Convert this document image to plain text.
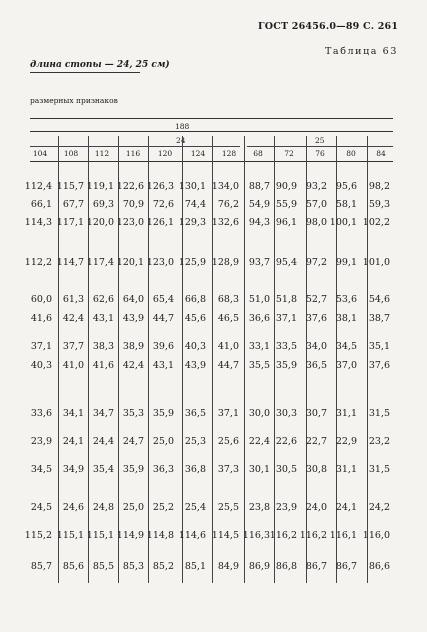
ГОСТ 26456.0—89 С. 261
Таблица 63
длина стопы — 24, 25 см)
размерных признаков
188
24	25
104	108	112	116	120	124	128	68	72	76	80	84
112,4 115,7 119,1 122,6 126,3 130,1 134,0	88,7 90,9 93,2 95,6	98,2
66,1	67,7 69,3 70,9 72,6	74,4	76,2	54,9 55,9 57,0 58,1	59,3
114,3 117,1 120,0 123,0 126,1 129,3 132,6	94,3 96,1 98,0 100,1 102,2
112,2 114,7 117,4 120,1 123,0 125,9 128,9	93,7 95,4 97,2 99,1 101,0
60,0	61,3 62,6 64,0 65,4	66,8	68,3	51,0 51,8 52,7 53,6	54,6
41,6	42,4 43,1 43,9 44,7	45,6	46,5	36,6 37,1 37,6 38,1	38,7
37,1	37,7 38,3 38,9 39,6	40,3	41,0	33,1 33,5 34,0 34,5	35,1
40,3	41,0 41,6 42,4 43,1	43,9	44,7	35,5 35,9 36,5 37,0	37,6
33,6	34,1 34,7 35,3 35,9	36,5	37,1	30,0 30,3 30,7 31,1	31,5
23,9	24,1 24,4 24,7 25,0	25,3	25,6	22,4 22,6 22,7 22,9	23,2
34,5	34,9 35,4 35,9 36,3	36,8	37,3	30,1 30,5 30,8 31,1	31,5
24,5	24,6 24,8 25,0 25,2	25,4	25,5	23,8 23,9 24,0 24,1	24,2
115,2 115,1 115,1 114,9 114,8 114,6 114,5 116,3 116,2 116,2 116,1 116,0
85,7	85,6 85,5 85,3 85,2	85,1	84,9	86,9 86,8 86,7 86,7	86,6
